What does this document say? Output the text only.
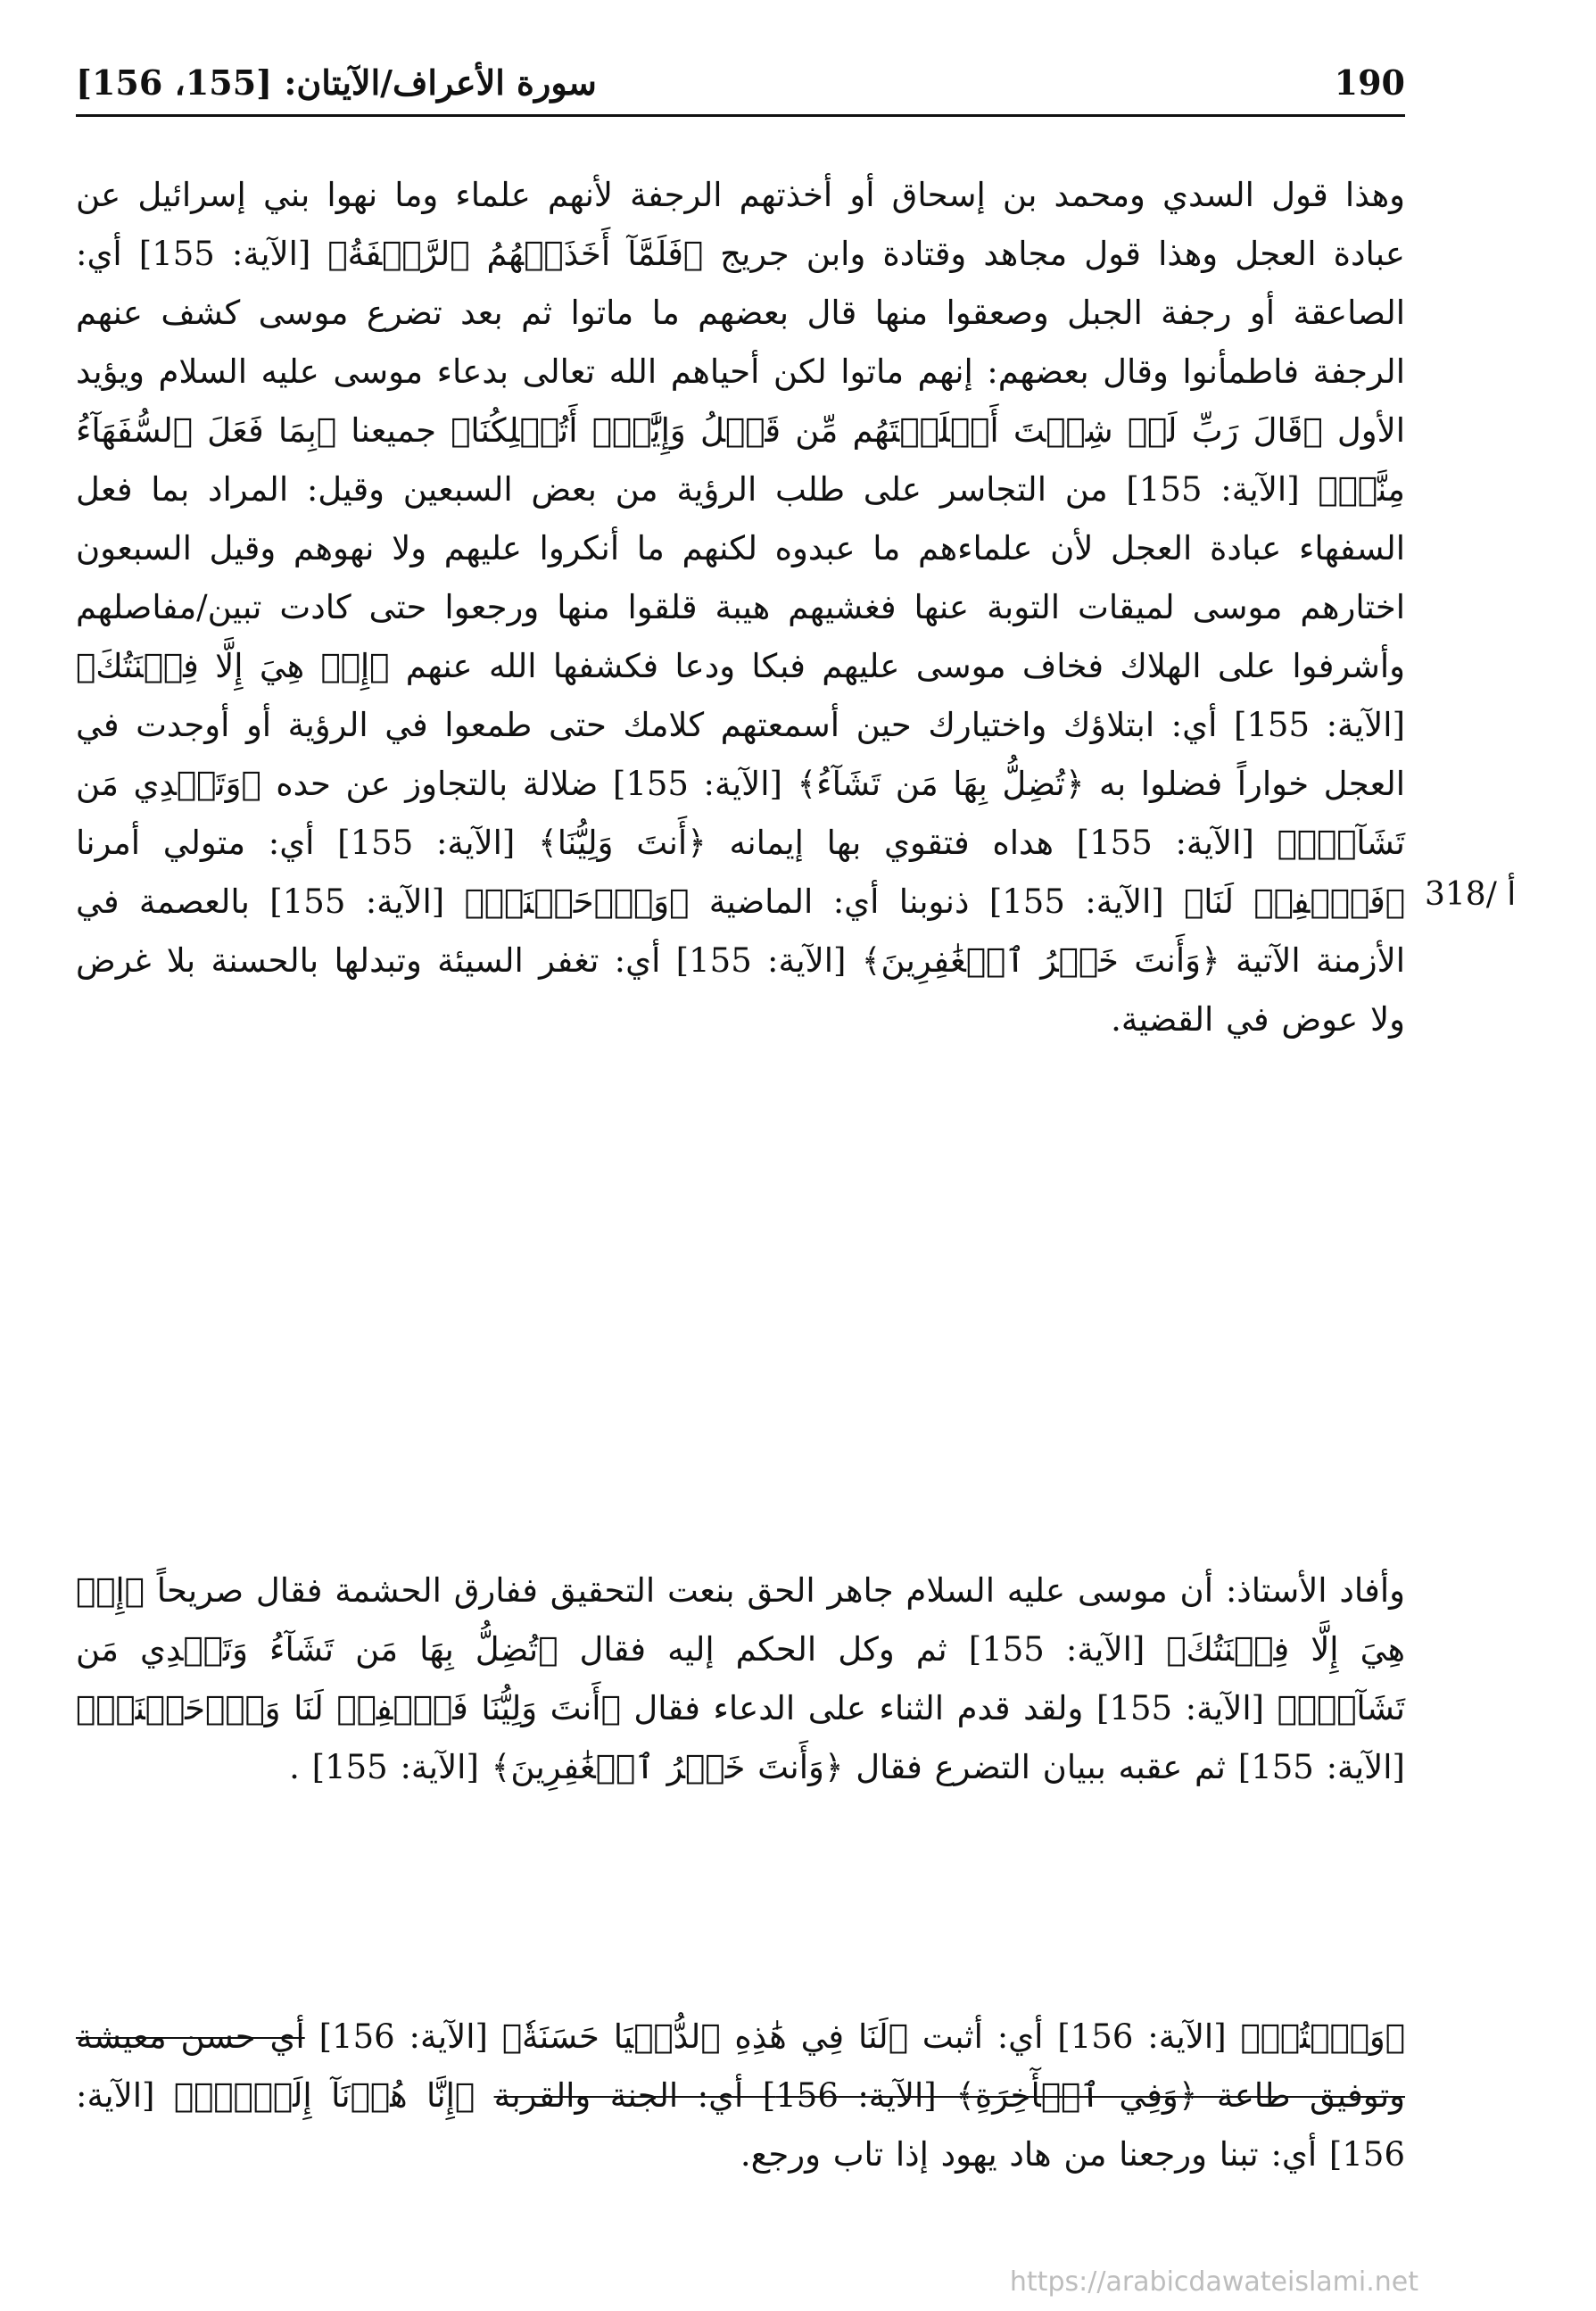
190
سورة الأعراف/الآيتان: [155، 156]
وهذا قول السدي ومحمد بن إسحاق أو أخذتهم الرجفة لأنهم علماء وما نهوا بني إسرائيل عن عبادة العجل وهذا قول مجاهد وقتادة وابن جريج ﴿فَلَمَّآ أَخَذَتۡهُمُ ٱلرَّجۡفَةُ﴾ [الآية: 155] أي: الصاعقة أو رجفة الجبل وصعقوا منها قال بعضهم ما ماتوا ثم بعد تضرع موسى كشف عنهم الرجفة فاطمأنوا وقال بعضهم: إنهم ماتوا لكن أحياهم الله تعالى بدعاء موسى عليه السلام ويؤيد الأول ﴿قَالَ رَبِّ لَوۡ شِئۡتَ أَهۡلَكۡتَهُم مِّن قَبۡلُ وَإِيَّٰيَۖ أَتُهۡلِكُنَا﴾ جميعنا ﴿بِمَا فَعَلَ ٱلسُّفَهَآءُ مِنَّآۖ﴾ [الآية: 155] من التجاسر على طلب الرؤية من بعض السبعين وقيل: المراد بما فعل السفهاء عبادة العجل لأن علماءهم ما عبدوه لكنهم ما أنكروا عليهم ولا نهوهم وقيل السبعون اختارهم موسى لميقات التوبة عنها فغشيهم هيبة قلقوا منها ورجعوا حتى كادت تبين/مفاصلهم وأشرفوا على الهلاك فخاف موسى عليهم فبكا ودعا فكشفها الله عنهم ﴿إِنۡ هِيَ إِلَّا فِتۡنَتُكَ﴾ [الآية: 155] أي: ابتلاؤك واختيارك حين أسمعتهم كلامك حتى طمعوا في الرؤية أو أوجدت في العجل خواراً فضلوا به ﴿تُضِلُّ بِهَا مَن تَشَآءُ﴾ [الآية: 155] ضلالة بالتجاوز عن حده ﴿وَتَهۡدِي مَن تَشَآءُۖ﴾ [الآية: 155] هداه فتقوي بها إيمانه ﴿أَنتَ وَلِيُّنَا﴾ [الآية: 155] أي: متولي أمرنا ﴿فَٱغۡفِرۡ لَنَا﴾ [الآية: 155] ذنوبنا أي: الماضية ﴿وَٱرۡحَمۡنَاۖ﴾ [الآية: 155] بالعصمة في الأزمنة الآتية ﴿وَأَنتَ خَيۡرُ ٱلۡغَٰفِرِينَ﴾ [الآية: 155] أي: تغفر السيئة وتبدلها بالحسنة بلا غرض ولا عوض في القضية.
318/ أ
وأفاد الأستاذ: أن موسى عليه السلام جاهر الحق بنعت التحقيق ففارق الحشمة فقال صريحاً ﴿إِنۡ هِيَ إِلَّا فِتۡنَتُكَ﴾ [الآية: 155] ثم وكل الحكم إليه فقال ﴿تُضِلُّ بِهَا مَن تَشَآءُ وَتَهۡدِي مَن تَشَآءُۖ﴾ [الآية: 155] ولقد قدم الثناء على الدعاء فقال ﴿أَنتَ وَلِيُّنَا فَٱغۡفِرۡ لَنَا وَٱرۡحَمۡنَاۖ﴾ [الآية: 155] ثم عقبه ببيان التضرع فقال ﴿وَأَنتَ خَيۡرُ ٱلۡغَٰفِرِينَ﴾ [الآية: 155] .
﴿وَٱكۡتُبۡ﴾ [الآية: 156] أي: أثبت ﴿لَنَا فِي هَٰذِهِ ٱلدُّنۡيَا حَسَنَةٗ﴾ [الآية: 156] أي حسن معيشة وتوفيق طاعة ﴿وَفِي ٱلۡأٓخِرَةِ﴾ [الآية: 156] أي: الجنة والقربة ﴿إِنَّا هُدۡنَآ إِلَيۡكَۚ﴾ [الآية: 156] أي: تبنا ورجعنا من هاد يهود إذا تاب ورجع.
https://arabicdawateislami.net
